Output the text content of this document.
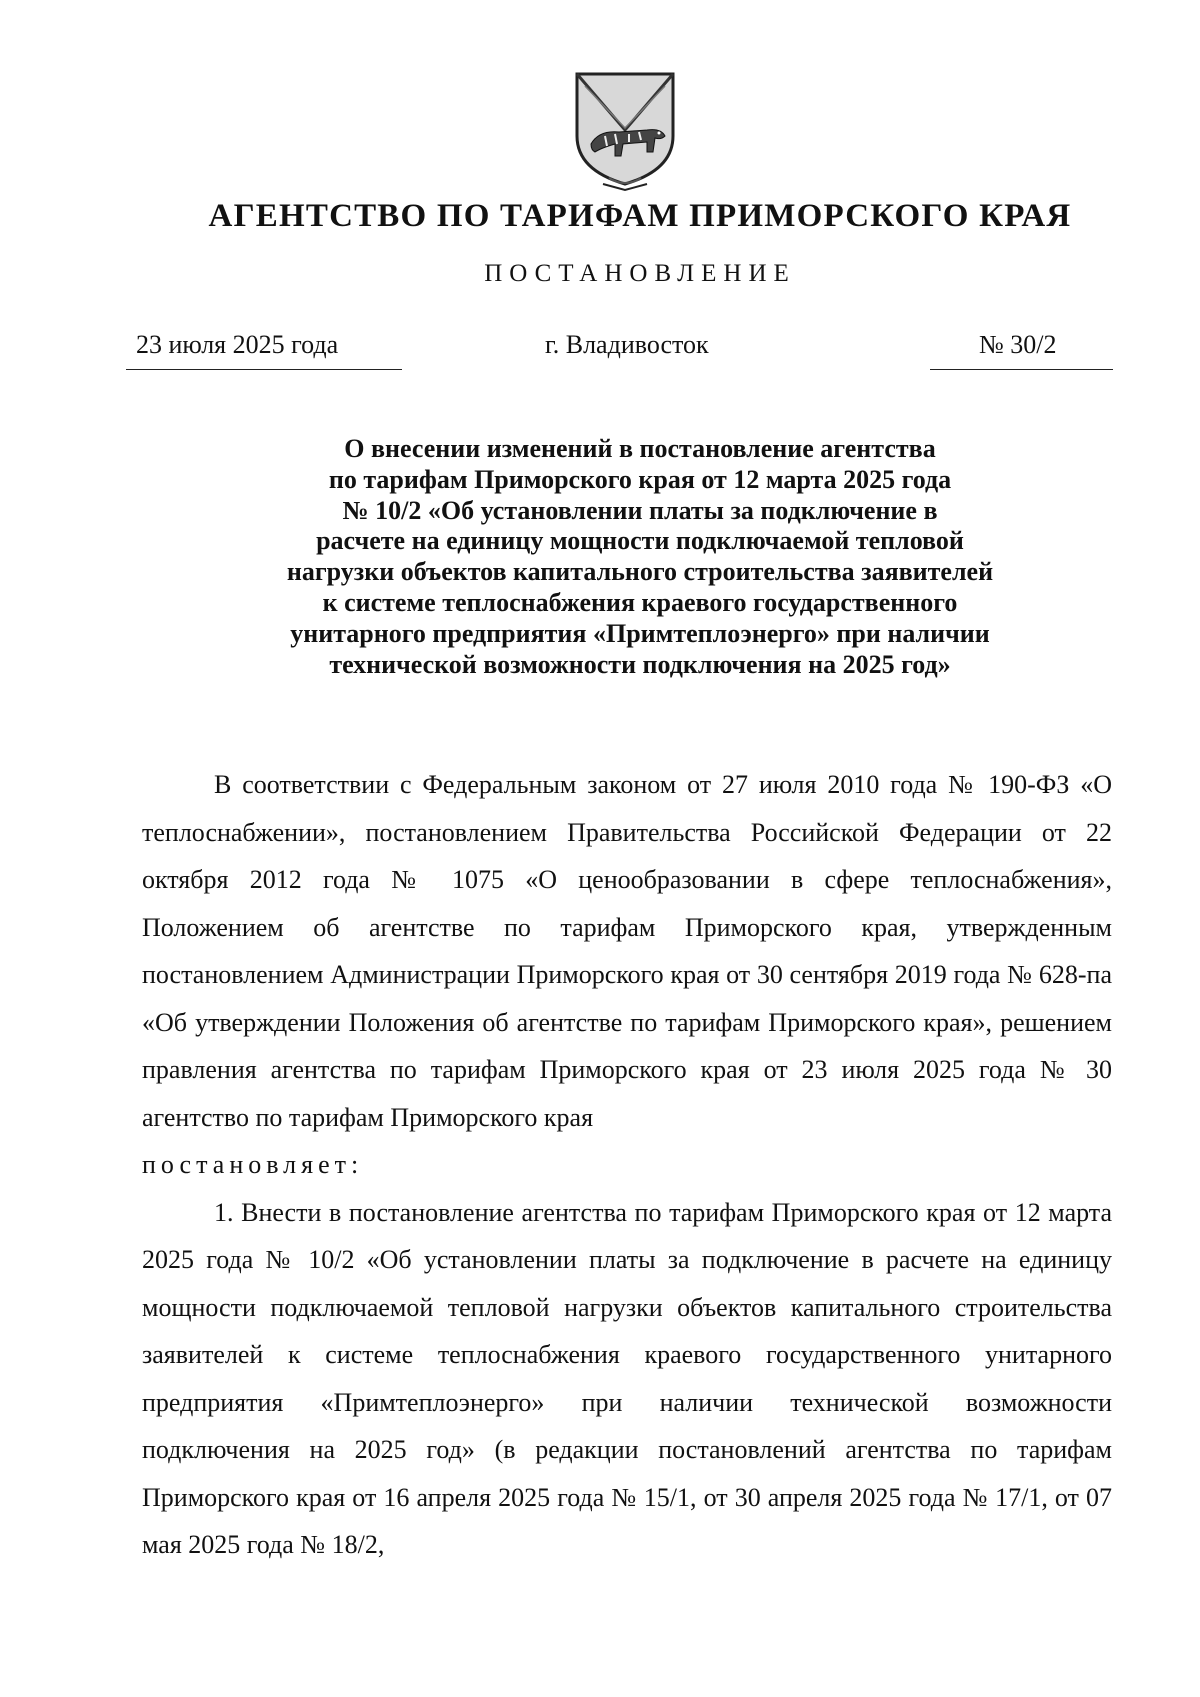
АГЕНТСТВО ПО ТАРИФАМ ПРИМОРСКОГО КРАЯ
ПОСТАНОВЛЕНИЕ
23 июля 2025 года	г. Владивосток	№ 30/2
О внесении изменений в постановление агентства
по тарифам Приморского края от 12 марта 2025 года
№ 10/2 «Об установлении платы за подключение в
расчете на единицу мощности подключаемой тепловой
нагрузки объектов капитального строительства заявителей
к системе теплоснабжения краевого государственного
унитарного предприятия «Примтеплоэнерго» при наличии
технической возможности подключения на 2025 год»

В соответствии с Федеральным законом от 27 июля 2010 года № 190-ФЗ «О теплоснабжении», постановлением Правительства Российской Федерации от 22 октября 2012 года № 1075 «О ценообразовании в сфере теплоснабжения», Положением об агентстве по тарифам Приморского края, утвержденным постановлением Администрации Приморского края от 30 сентября 2019 года № 628-па «Об утверждении Положения об агентстве по тарифам Приморского края», решением правления агентства по тарифам Приморского края от 23 июля 2025 года № 30 агентство по тарифам Приморского края

постановляет:

1. Внести в постановление агентства по тарифам Приморского края от 12 марта 2025 года № 10/2 «Об установлении платы за подключение в расчете на единицу мощности подключаемой тепловой нагрузки объектов капитального строительства заявителей к системе теплоснабжения краевого государственного унитарного предприятия «Примтеплоэнерго» при наличии технической возможности подключения на 2025 год» (в редакции постановлений агентства по тарифам Приморского края от 16 апреля 2025 года № 15/1, от 30 апреля 2025 года № 17/1, от 07 мая 2025 года № 18/2,
